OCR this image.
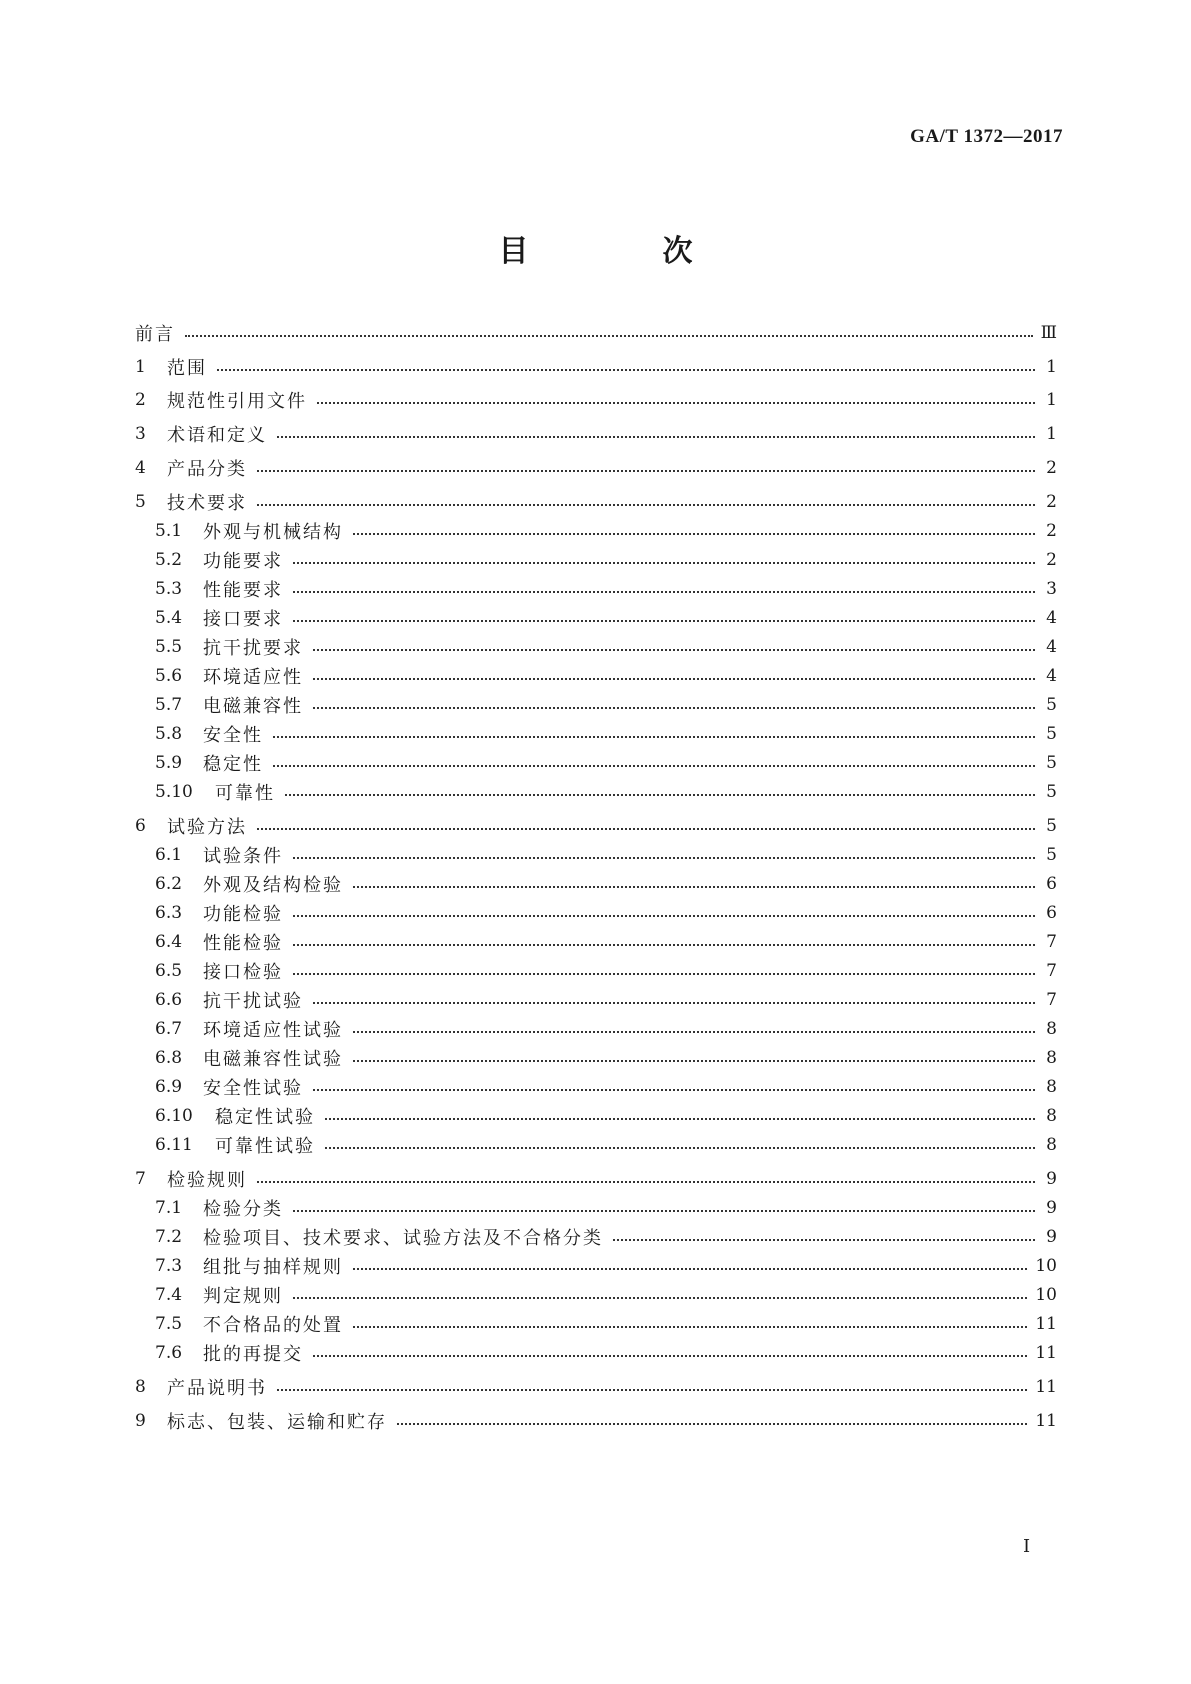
GA/T 1372—2017
目　次
前言	Ⅲ
1	范围	1
2	规范性引用文件	1
3	术语和定义	1
4	产品分类	2
5	技术要求	2
5.1	外观与机械结构	2
5.2	功能要求	2
5.3	性能要求	3
5.4	接口要求	4
5.5	抗干扰要求	4
5.6	环境适应性	4
5.7	电磁兼容性	5
5.8	安全性	5
5.9	稳定性	5
5.10	可靠性	5
6	试验方法	5
6.1	试验条件	5
6.2	外观及结构检验	6
6.3	功能检验	6
6.4	性能检验	7
6.5	接口检验	7
6.6	抗干扰试验	7
6.7	环境适应性试验	8
6.8	电磁兼容性试验	8
6.9	安全性试验	8
6.10	稳定性试验	8
6.11	可靠性试验	8
7	检验规则	9
7.1	检验分类	9
7.2	检验项目、技术要求、试验方法及不合格分类	9
7.3	组批与抽样规则	10
7.4	判定规则	10
7.5	不合格品的处置	11
7.6	批的再提交	11
8	产品说明书	11
9	标志、包装、运输和贮存	11
Ⅰ
